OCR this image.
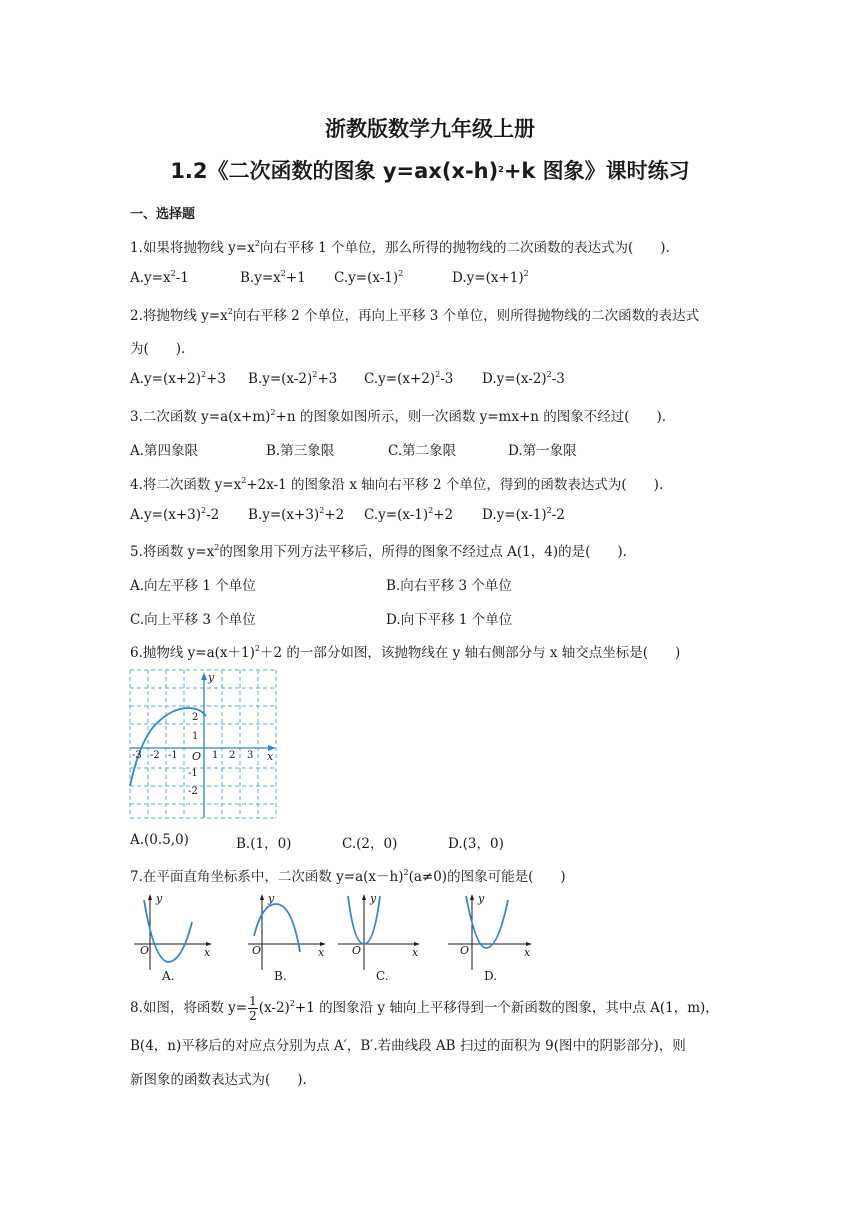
浙教版数学九年级上册
1.2《二次函数的图象 $y=ax(x-h)^2+k$ 图象》课时练习
一、选择题
1.如果将抛物线 $y=x^2$向右平移 1 个单位，那么所得的抛物线的二次函数的表达式为(　　).
$A.y=x^2-1$	$B.y=x^2+1$ $C.y=(x-1)^2$	$D.y=(x+1)^2$
2.将抛物线 $y=x^2$向右平移 2 个单位，再向上平移 3 个单位，则所得抛物线的二次函数的表达式
为(　　).
$A.y=(x+2)^2+3$ $B.y=(x-2)^2+3$ $C.y=(x+2)^2-3$ $D.y=(x-2)^2-3$
3.二次函数 $y=a(x+m)^2+n$ 的图象如图所示，则一次函数 y=mx+n 的图象不经过(　　).
A.第四象限	B.第三象限	C.第二象限	D.第一象限
4.将二次函数 $y=x^2+2x-1$ 的图象沿 x 轴向右平移 2 个单位，得到的函数表达式为(　　).
$A.y=(x+3)^2-2$ $B.y=(x+3)^2+2$ $C.y=(x-1)^2+2$ $D.y=(x-1)^2-2$
5.将函数 $y=x^2$的图象用下列方法平移后，所得的图象不经过点 A(1，4)的是(　　).
A.向左平移 1 个单位	B.向右平移 3 个单位
C.向上平移 3 个单位	D.向下平移 1 个单位
6.抛物线 $y=a(x+1)^2+2$ 的一部分如图，该抛物线在 y 轴右侧部分与 x 轴交点坐标是(　　)
y
x
O
2
1
-1
-2
-3 -2 -1	1 2 3
A.(0.5,0)	B.(1，0)	C.(2，0)	D.(3，0)
7.在平面直角坐标系中，二次函数 $y=a(x-h)^2(a\ne 0)$的图象可能是(　　)
y
x
O
y
x
O
y
x
O
y
x
O
A.	B.	C.	D.
8.如图，将函数 $y= \frac{1}{2} (x-2)^2+1$ 的图象沿 y 轴向上平移得到一个新函数的图象，其中点 A(1，m)，
B(4，n)平移后的对应点分别为点 A′，B′.若曲线段 AB 扫过的面积为 9(图中的阴影部分)，则
新图象的函数表达式为(　　).
